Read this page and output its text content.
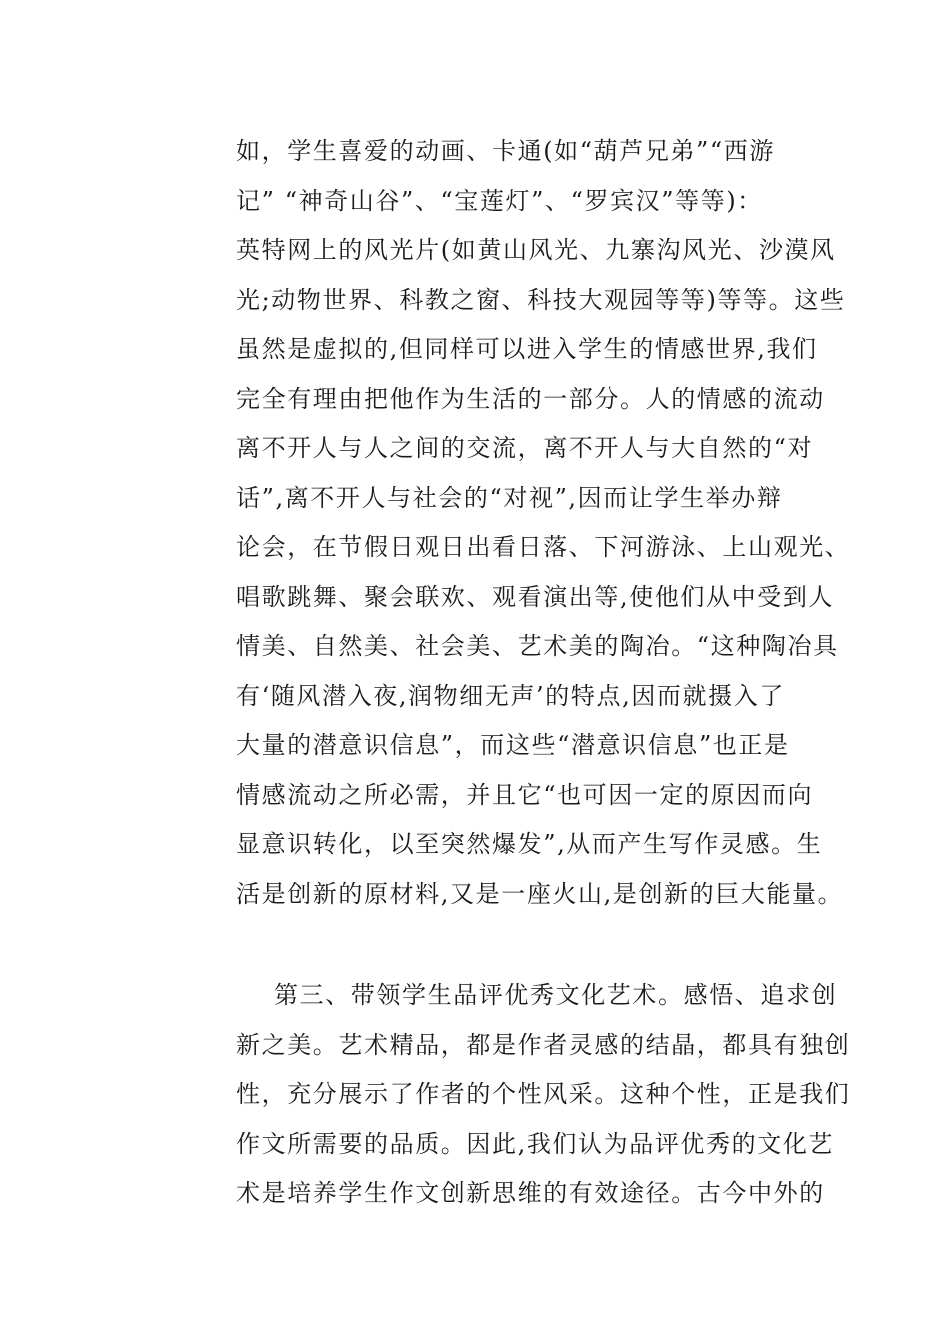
如，学生喜爱的动画、卡通(如“葫芦兄弟”“西游

记” “神奇山谷”、“宝莲灯”、“罗宾汉”等等)：

英特网上的风光片(如黄山风光、九寨沟风光、沙漠风

光;动物世界、科教之窗、科技大观园等等)等等。这些

虽然是虚拟的,但同样可以进入学生的情感世界,我们

完全有理由把他作为生活的一部分。人的情感的流动

离不开人与人之间的交流，离不开人与大自然的“对

话”,离不开人与社会的“对视”,因而让学生举办辩

论会，在节假日观日出看日落、下河游泳、上山观光、

唱歌跳舞、聚会联欢、观看演出等,使他们从中受到人

情美、自然美、社会美、艺术美的陶冶。“这种陶冶具

有‘随风潜入夜,润物细无声’的特点,因而就摄入了

大量的潜意识信息”，而这些“潜意识信息”也正是

情感流动之所必需，并且它“也可因一定的原因而向

显意识转化，以至突然爆发”,从而产生写作灵感。生

活是创新的原材料,又是一座火山,是创新的巨大能量。

第三、带领学生品评优秀文化艺术。感悟、追求创

新之美。艺术精品，都是作者灵感的结晶，都具有独创

性，充分展示了作者的个性风采。这种个性，正是我们

作文所需要的品质。因此,我们认为品评优秀的文化艺

术是培养学生作文创新思维的有效途径。古今中外的
